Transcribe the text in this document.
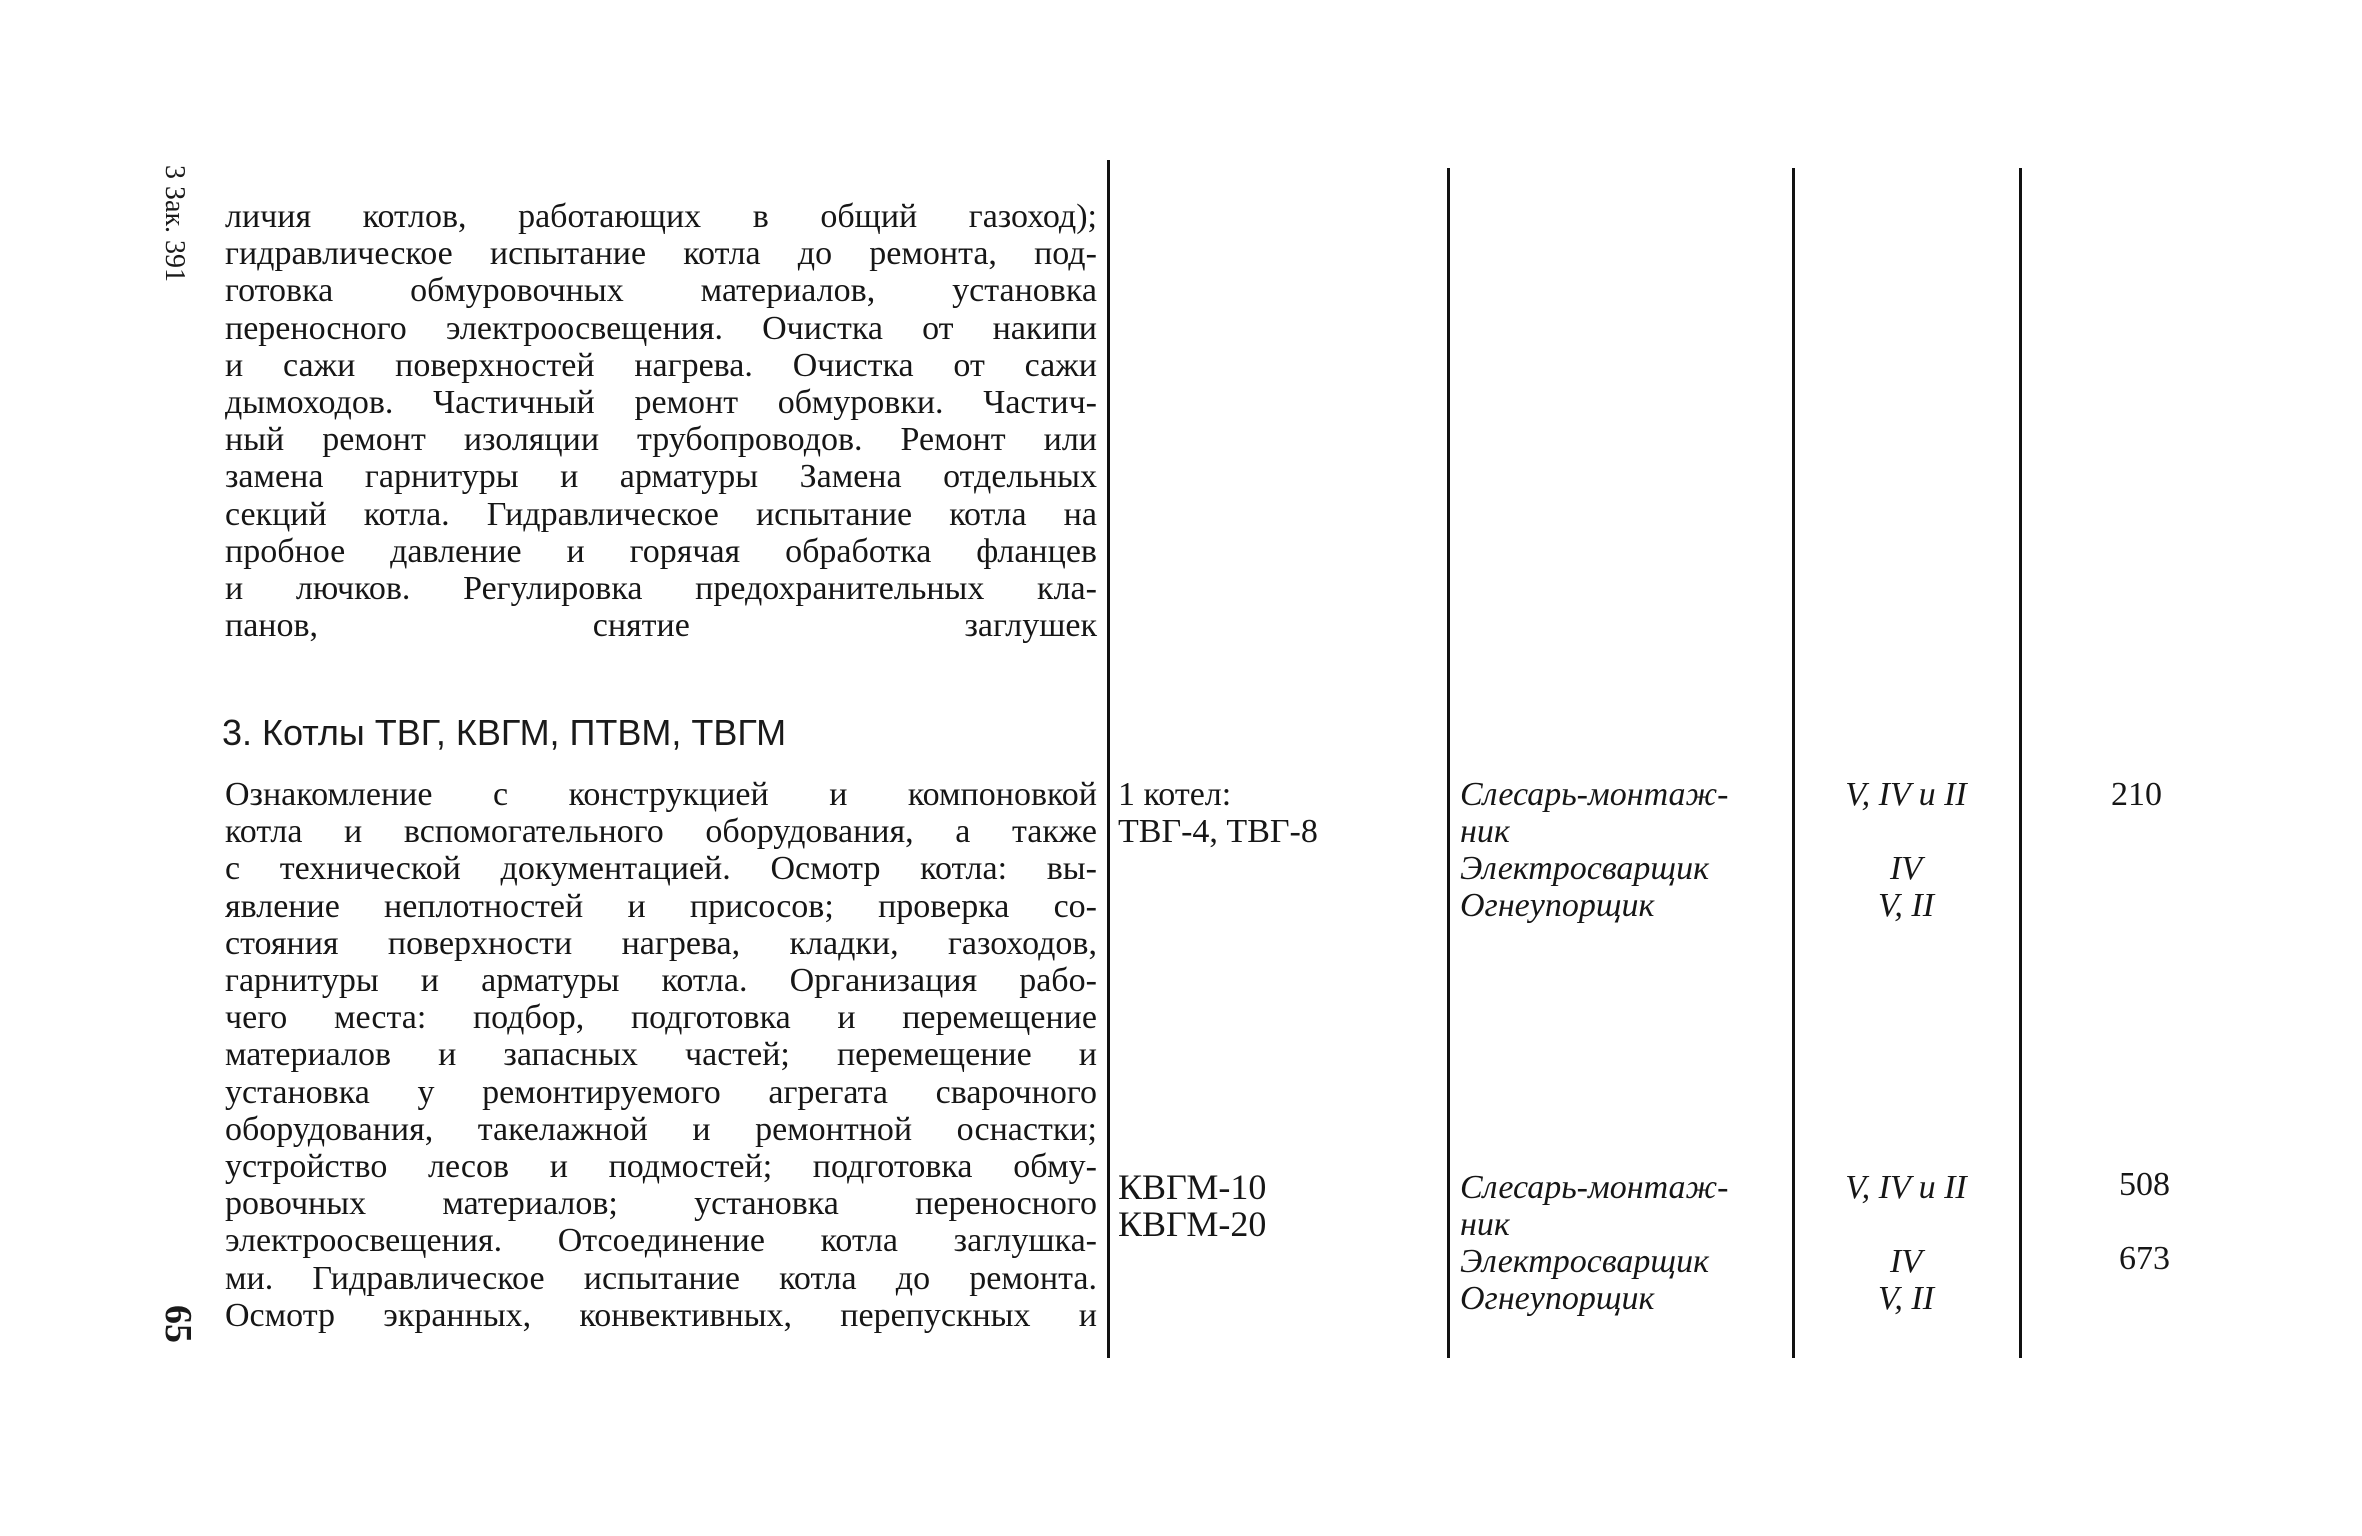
3 Зак. 391
65
личия котлов, работающих в общий газоход);
гидравлическое испытание котла до ремонта, под-
готовка обмуровочных материалов, установка
переносного электроосвещения. Очистка от накипи
и сажи поверхностей нагрева. Очистка от сажи
дымоходов. Частичный ремонт обмуровки. Частич-
ный ремонт изоляции трубопроводов. Ремонт или
замена гарнитуры и арматуры Замена отдельных
секций котла. Гидравлическое испытание котла на
пробное давление и горячая обработка фланцев
и лючков. Регулировка предохранительных кла-
панов, снятие заглушек
3. Котлы ТВГ, КВГМ, ПТВМ, ТВГМ
Ознакомление с конструкцией и компоновкой
котла и вспомогательного оборудования, а также
с технической документацией. Осмотр котла: вы-
явление неплотностей и присосов; проверка со-
стояния поверхности нагрева, кладки, газоходов,
гарнитуры и арматуры котла. Организация рабо-
чего места: подбор, подготовка и перемещение
материалов и запасных частей; перемещение и
установка у ремонтируемого агрегата сварочного
оборудования, такелажной и ремонтной оснастки;
устройство лесов и подмостей; подготовка обму-
ровочных материалов; установка переносного
электроосвещения. Отсоединение котла заглушка-
ми. Гидравлическое испытание котла до ремонта.
Осмотр экранных, конвективных, перепускных и
1 котел:
ТВГ-4, ТВГ-8
Слесарь-монтаж-
ник
Электросварщик
Огнеупорщик
V, IV и II
IV
V, II
210
КВГМ-10
КВГМ-20
Слесарь-монтаж-
ник
Электросварщик
Огнеупорщик
V, IV и II
IV
V, II
508
673
